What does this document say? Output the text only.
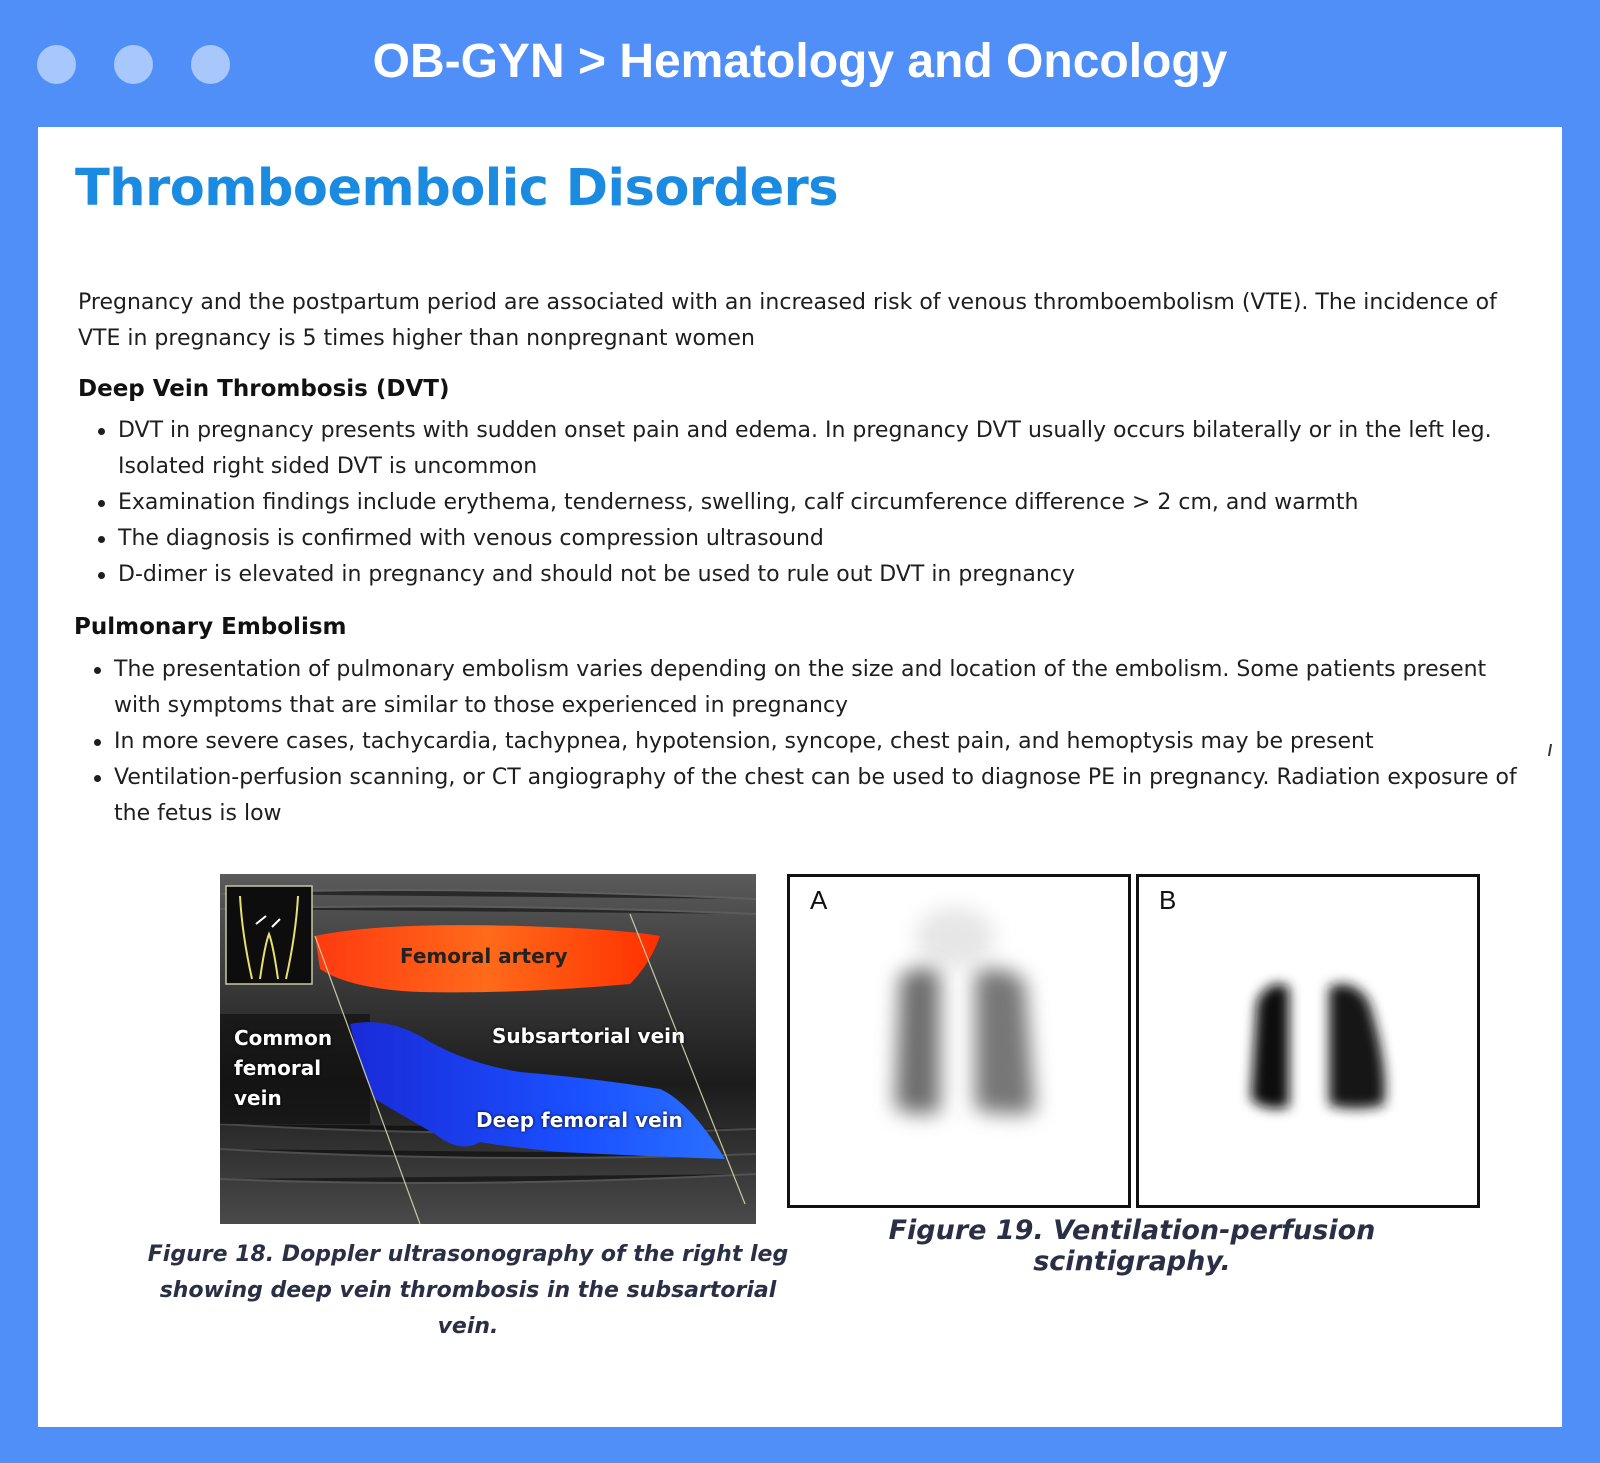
OB-GYN > Hematology and Oncology
Thromboembolic Disorders
Pregnancy and the postpartum period are associated with an increased risk of venous thromboembolism (VTE). The incidence of VTE in pregnancy is 5 times higher than nonpregnant women
Deep Vein Thrombosis (DVT)
DVT in pregnancy presents with sudden onset pain and edema. In pregnancy DVT usually occurs bilaterally or in the left leg. Isolated right sided DVT is uncommon
Examination findings include erythema, tenderness, swelling, calf circumference difference > 2 cm, and warmth
The diagnosis is confirmed with venous compression ultrasound
D-dimer is elevated in pregnancy and should not be used to rule out DVT in pregnancy
Pulmonary Embolism
The presentation of pulmonary embolism varies depending on the size and location of the embolism. Some patients present with symptoms that are similar to those experienced in pregnancy
In more severe cases, tachycardia, tachypnea, hypotension, syncope, chest pain, and hemoptysis may be present
Ventilation-perfusion scanning, or CT angiography of the chest can be used to diagnose PE in pregnancy. Radiation exposure of the fetus is low
Femoral artery
Subsartorial vein
Common
femoral
vein
Deep femoral vein
Figure 18. Doppler ultrasonography of the right leg
showing deep vein thrombosis in the subsartorial vein.
A	B
Figure 19. Ventilation-perfusion scintigraphy.
